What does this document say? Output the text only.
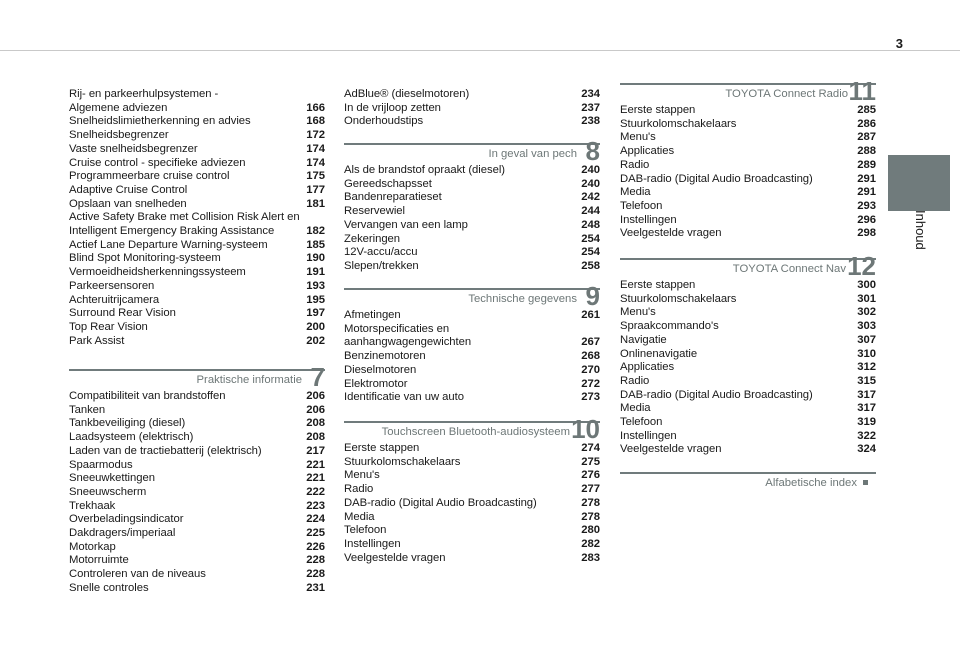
3
Inhoud
Rij- en parkeerhulpsystemen -
Algemene adviezen	166
Snelheidslimietherkenning en advies	168
Snelheidsbegrenzer	172
Vaste snelheidsbegrenzer	174
Cruise control - specifieke adviezen	174
Programmeerbare cruise control	175
Adaptive Cruise Control	177
Opslaan van snelheden	181
Active Safety Brake met Collision Risk Alert en
Intelligent Emergency Braking Assistance	182
Actief Lane Departure Warning-systeem	185
Blind Spot Monitoring-systeem	190
Vermoeidheidsherkenningssysteem	191
Parkeersensoren	193
Achteruitrijcamera	195
Surround Rear Vision	197
Top Rear Vision	200
Park Assist	202
Praktische informatie 7
Compatibiliteit van brandstoffen	206
Tanken	206
Tankbeveiliging (diesel)	208
Laadsysteem (elektrisch)	208
Laden van de tractiebatterij (elektrisch)	217
Spaarmodus	221
Sneeuwkettingen	221
Sneeuwscherm	222
Trekhaak	223
Overbeladingsindicator	224
Dakdragers/imperiaal	225
Motorkap	226
Motorruimte	228
Controleren van de niveaus	228
Snelle controles	231
AdBlue® (dieselmotoren)	234
In de vrijloop zetten	237
Onderhoudstips	238
In geval van pech 8
Als de brandstof opraakt (diesel)	240
Gereedschapsset	240
Bandenreparatieset	242
Reservewiel	244
Vervangen van een lamp	248
Zekeringen	254
12V-accu/accu	254
Slepen/trekken	258
Technische gegevens 9
Afmetingen	261
Motorspecificaties en
aanhangwagengewichten	267
Benzinemotoren	268
Dieselmotoren	270
Elektromotor	272
Identificatie van uw auto	273
Touchscreen Bluetooth-audiosysteem 10
Eerste stappen	274
Stuurkolomschakelaars	275
Menu's	276
Radio	277
DAB-radio (Digital Audio Broadcasting)	278
Media	278
Telefoon	280
Instellingen	282
Veelgestelde vragen	283
TOYOTA Connect Radio 11
Eerste stappen	285
Stuurkolomschakelaars	286
Menu's	287
Applicaties	288
Radio	289
DAB-radio (Digital Audio Broadcasting)	291
Media	291
Telefoon	293
Instellingen	296
Veelgestelde vragen	298
TOYOTA Connect Nav 12
Eerste stappen	300
Stuurkolomschakelaars	301
Menu's	302
Spraakcommando's	303
Navigatie	307
Onlinenavigatie	310
Applicaties	312
Radio	315
DAB-radio (Digital Audio Broadcasting)	317
Media	317
Telefoon	319
Instellingen	322
Veelgestelde vragen	324
Alfabetische index
